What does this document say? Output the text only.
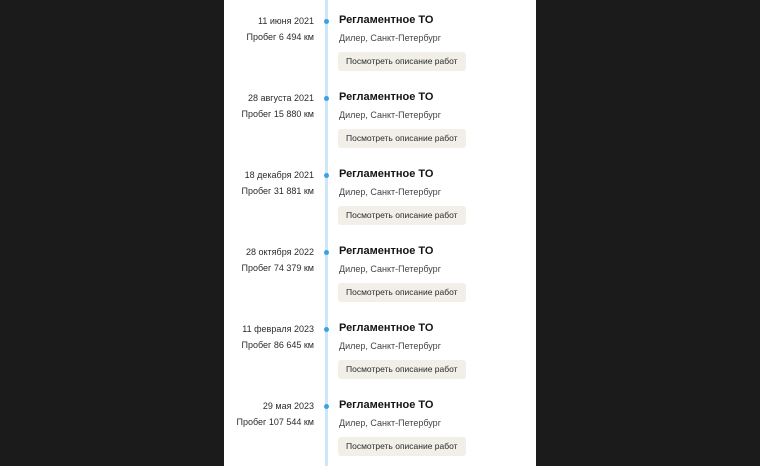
11 июня 2021
Пробег 6 494 км
Регламентное ТО
Дилер, Санкт-Петербург
Посмотреть описание работ
28 августа 2021
Пробег 15 880 км
Регламентное ТО
Дилер, Санкт-Петербург
Посмотреть описание работ
18 декабря 2021
Пробег 31 881 км
Регламентное ТО
Дилер, Санкт-Петербург
Посмотреть описание работ
28 октября 2022
Пробег 74 379 км
Регламентное ТО
Дилер, Санкт-Петербург
Посмотреть описание работ
11 февраля 2023
Пробег 86 645 км
Регламентное ТО
Дилер, Санкт-Петербург
Посмотреть описание работ
29 мая 2023
Пробег 107 544 км
Регламентное ТО
Дилер, Санкт-Петербург
Посмотреть описание работ
